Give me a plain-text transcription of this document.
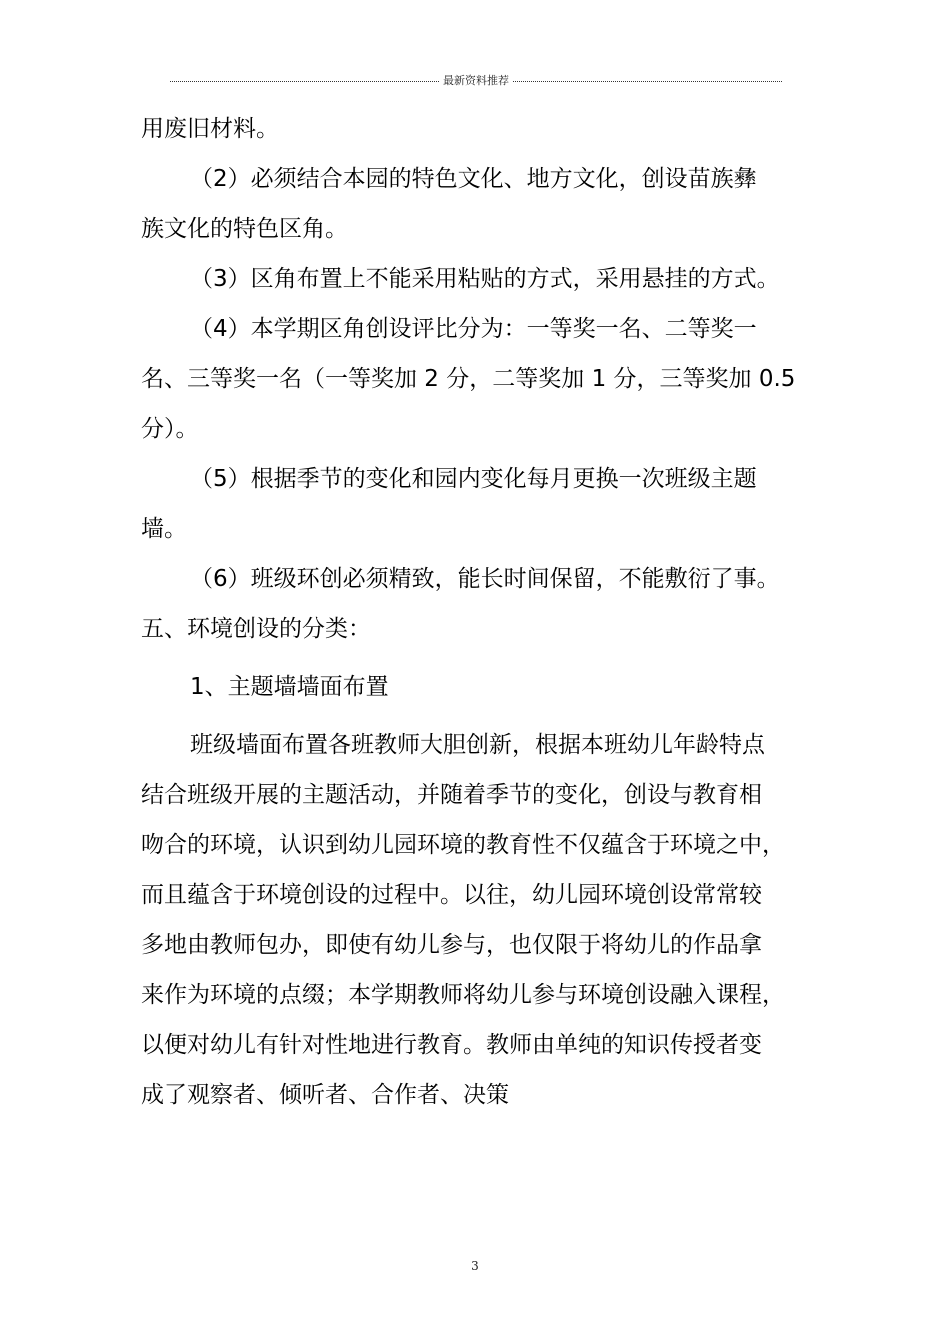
最新资料推荐
用废旧材料。
（2）必须结合本园的特色文化、地方文化，创设苗族彝
族文化的特色区角。
（3）区角布置上不能采用粘贴的方式，采用悬挂的方式。
（4）本学期区角创设评比分为：一等奖一名、二等奖一
名、三等奖一名（一等奖加 2 分，二等奖加 1 分，三等奖加 0.5
分）。
（5）根据季节的变化和园内变化每月更换一次班级主题
墙。
（6）班级环创必须精致，能长时间保留，不能敷衍了事。
五、环境创设的分类：
1、主题墙墙面布置
班级墙面布置各班教师大胆创新，根据本班幼儿年龄特点
结合班级开展的主题活动，并随着季节的变化，创设与教育相
吻合的环境，认识到幼儿园环境的教育性不仅蕴含于环境之中，
而且蕴含于环境创设的过程中。以往，幼儿园环境创设常常较
多地由教师包办，即使有幼儿参与，也仅限于将幼儿的作品拿
来作为环境的点缀；本学期教师将幼儿参与环境创设融入课程，
以便对幼儿有针对性地进行教育。教师由单纯的知识传授者变
成了观察者、倾听者、合作者、决策
3
